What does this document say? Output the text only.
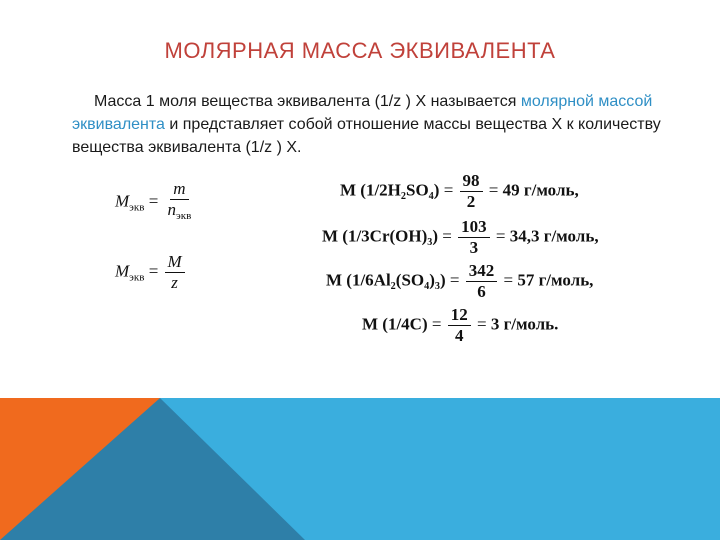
МОЛЯРНАЯ МАССА ЭКВИВАЛЕНТА
Масса 1 моля вещества эквивалента (1/z ) X называется молярной массой эквивалента и представляет собой отношение массы вещества X к количеству вещества эквивалента (1/z ) X.
$M_{экв} = \frac{m}{n_{экв}}$
$M_{экв} = \frac{M}{z}$
M $(1/2H_2SO_4) = \frac{98}{2} = 49$ г/моль,
M $(1/3Cr(OH)_3) = \frac{103}{3} = 34,3$ г/моль,
M $(1/6Al_2(SO_4)_3) = \frac{342}{6} = 57$ г/моль,
M $(1/4C) = \frac{12}{4} = 3$ г/моль.
